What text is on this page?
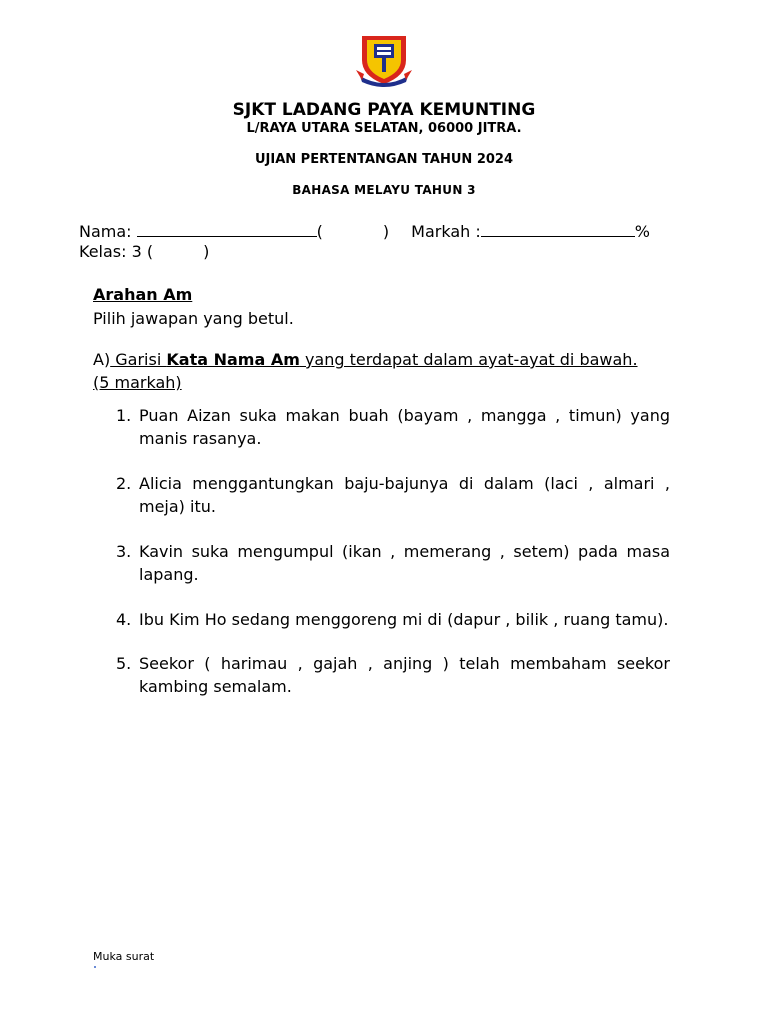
SJKT LADANG PAYA KEMUNTING
L/RAYA UTARA SELATAN, 06000 JITRA.
UJIAN PERTENTANGAN TAHUN 2024
BAHASA MELAYU TAHUN 3
Nama:	(	) Markah :	%
Kelas: 3 (	)
Arahan Am
Pilih jawapan yang betul.
A) Garisi Kata Nama Am yang terdapat dalam ayat-ayat di bawah. (5 markah)
1. Puan Aizan suka makan buah (bayam , mangga , timun) yang manis rasanya.
2. Alicia menggantungkan baju-bajunya di dalam (laci , almari , meja) itu.
3. Kavin suka mengumpul (ikan , memerang , setem) pada masa lapang.
4. Ibu Kim Ho sedang menggoreng mi di (dapur , bilik , ruang tamu).
5. Seekor ( harimau , gajah , anjing ) telah membaham seekor kambing semalam.
Muka surat
